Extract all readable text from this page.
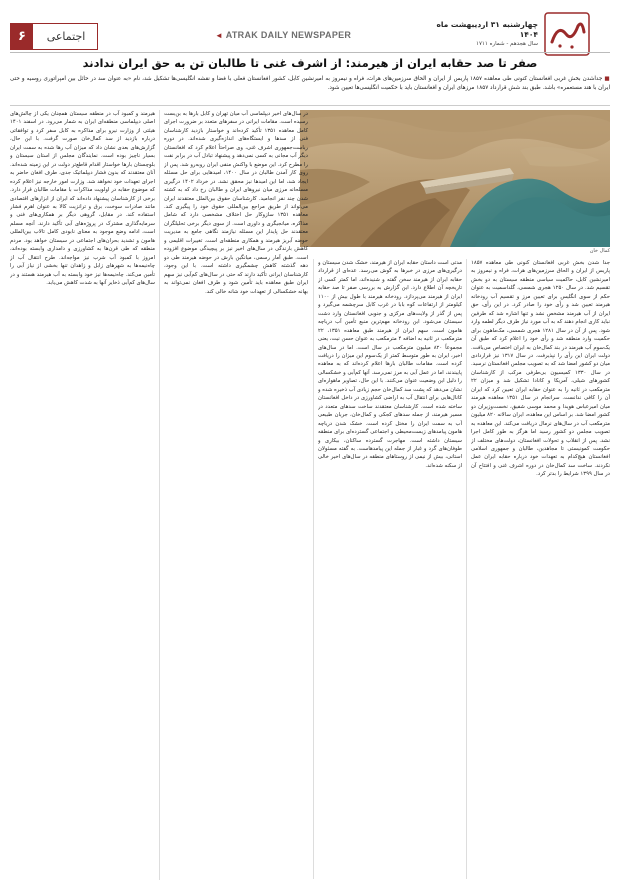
۶	اجتماعی	◄ ATRAK DAILY NEWSPAPER
چهارشنبه ۳۱ اردیبهشت ماه ۱۴۰۴
سال هجدهم - شماره ۱۷۱۱
صفر تا صد حقابه ایران از هیرمند: از اشرف غنی تا طالبان تن به حق ایران ندادند
■ جداشدن بخش غربی افغانستان کنونی طی معاهده ۱۸۵۷ پاریس از ایران و الحاق سرزمین‌های هرات، فراه و نیمروز به امیرنشین کابل، کشور افغانستان فعلی با فضا و نقشه انگلیسی‌ها تشکیل شد، نام «به عنوان سد در حائل بین امپراتوری روسیه و حتی ایران با هند مستعمره» باشد. طبق بند شش قرارداد ۱۸۵۷ مرزهای ایران و افغانستان باید با حکمیت انگلیسی‌ها تعیین شود.
کمال خان

جدا شدن بخش غربی افغانستان کنونی طی معاهده ۱۸۵۷ پاریس از ایران و الحاق سرزمین‌های هرات، فراه و نیمروز به امیرنشین کابل، حاکمیت سیاسی منطقه سیستان به دو بخش تقسیم شد. در سال ۱۲۵۰ هجری شمسی، گلداسمیت به عنوان حکم از سوی انگلیس برای تعیین مرز و تقسیم آب رودخانه هیرمند تعیین شد و رأی خود را صادر کرد. در این رأی، حق ایران از آب هیرمند مشخص نشد و تنها اشاره شد که طرفین نباید کاری انجام دهند که به آب مورد نیاز طرف دیگر لطمه وارد شود. پس از آن در سال ۱۲۸۱ هجری شمسی، مک‌ماهون برای حکمیت وارد منطقه شد و رأی خود را اعلام کرد که طبق آن یک‌سوم آب هیرمند در بند کمال‌خان به ایران اختصاص می‌یافت. دولت ایران این رأی را نپذیرفت. در سال ۱۳۱۷ نیز قراردادی میان دو کشور امضا شد که به تصویب مجلس افغانستان نرسید. در سال ۱۳۳۰ کمیسیون بی‌طرفی مرکب از کارشناسان کشورهای شیلی، آمریکا و کانادا تشکیل شد و میزان ۲۲ مترمکعب در ثانیه را به عنوان حقابه ایران تعیین کرد که ایران آن را کافی ندانست. سرانجام در سال ۱۳۵۱ معاهده هیرمند میان امیرعباس هویدا و محمد موسی شفیق، نخست‌وزیران دو کشور امضا شد. بر اساس این معاهده، ایران سالانه ۸۲۰ میلیون مترمکعب آب در سال‌های نرمال دریافت می‌کند. این معاهده به تصویب مجلس دو کشور رسید اما هرگز به طور کامل اجرا نشد. پس از انقلاب و تحولات افغانستان، دولت‌های مختلف از حکومت کمونیستی تا مجاهدین، طالبان و جمهوری اسلامی افغانستان هیچ‌کدام به تعهدات خود درباره حقابه ایران عمل نکردند. ساخت سد کمال‌خان در دوره اشرف غنی و افتتاح آن در سال ۱۳۹۹ شرایط را بدتر کرد.

مدتی است داستان حقابه ایران از هیرمند، خشک شدن سیستان و درگیری‌های مرزی در خبرها به گوش می‌رسد. عده‌ای از قرارداد حقابه ایران از هیرمند سخن گفته و شنیده‌اند، اما کمتر کسی از تاریخچه آن اطلاع دارد. این گزارش به بررسی صفر تا صد حقابه ایران از هیرمند می‌پردازد. رودخانه هیرمند با طول بیش از ۱۱۰۰ کیلومتر از ارتفاعات کوه بابا در غرب کابل سرچشمه می‌گیرد و پس از گذر از ولایت‌های مرکزی و جنوبی افغانستان وارد دشت سیستان می‌شود. این رودخانه مهم‌ترین منبع تأمین آب دریاچه هامون است. سهم ایران از هیرمند طبق معاهده ۱۳۵۱، ۲۲ مترمکعب در ثانیه به اضافه ۴ مترمکعب به عنوان حسن نیت، یعنی مجموعاً ۸۲۰ میلیون مترمکعب در سال است. اما در سال‌های اخیر، ایران به طور متوسط کمتر از یک‌سوم این میزان را دریافت کرده است. مقامات طالبان بارها اعلام کرده‌اند که به معاهده پایبندند، اما در عمل آبی به مرز نمی‌رسد. آنها کم‌آبی و خشکسالی را دلیل این وضعیت عنوان می‌کنند. با این حال، تصاویر ماهواره‌ای نشان می‌دهد که پشت سد کمال‌خان حجم زیادی آب ذخیره شده و کانال‌هایی برای انتقال آب به اراضی کشاورزی در داخل افغانستان ساخته شده است. کارشناسان معتقدند ساخت سدهای متعدد در مسیر هیرمند، از جمله سدهای کجکی و کمال‌خان، جریان طبیعی آب به سمت ایران را مختل کرده است. خشک شدن دریاچه هامون پیامدهای زیست‌محیطی و اجتماعی گسترده‌ای برای منطقه سیستان داشته است. مهاجرت گسترده ساکنان، بیکاری و طوفان‌های گرد و غبار از جمله این پیامدهاست. به گفته مسئولان استانی، بیش از نیمی از روستاهای منطقه در سال‌های اخیر خالی از سکنه شده‌اند.

در سال‌های اخیر دیپلماسی آب میان تهران و کابل بارها به بن‌بست رسیده است. مقامات ایرانی در سفرهای متعدد بر ضرورت اجرای کامل معاهده ۱۳۵۱ تأکید کرده‌اند و خواستار بازدید کارشناسان فنی از سدها و ایستگاه‌های اندازه‌گیری شده‌اند. در دوره ریاست‌جمهوری اشرف غنی، وی صراحتاً اعلام کرد که افغانستان دیگر آب مجانی به کسی نمی‌دهد و پیشنهاد تبادل آب در برابر نفت را مطرح کرد. این موضع با واکنش منفی ایران روبه‌رو شد. پس از روی کار آمدن طالبان در سال ۱۴۰۰، امیدهایی برای حل مسئله ایجاد شد، اما این امیدها نیز محقق نشد. در خرداد ۱۴۰۲ درگیری مسلحانه مرزی میان نیروهای ایران و طالبان رخ داد که به کشته شدن چند نفر انجامید. کارشناسان حقوق بین‌الملل معتقدند ایران می‌تواند از طریق مراجع بین‌المللی حقوق خود را پیگیری کند. معاهده ۱۳۵۱ سازوکار حل اختلاف مشخصی دارد که شامل مذاکره، میانجیگری و داوری است. از سوی دیگر برخی تحلیلگران معتقدند حل پایدار این مسئله نیازمند نگاهی جامع به مدیریت حوضه آبریز هیرمند و همکاری منطقه‌ای است. تغییرات اقلیمی و کاهش بارندگی در سال‌های اخیر نیز بر پیچیدگی موضوع افزوده است. طبق آمار رسمی، میانگین بارش در حوضه هیرمند طی دو دهه گذشته کاهش چشمگیری داشته است. با این وجود، کارشناسان ایرانی تأکید دارند که حتی در سال‌های کم‌آبی نیز سهم ایران طبق معاهده باید تأمین شود و طرف افغان نمی‌تواند به بهانه خشکسالی از تعهدات خود شانه خالی کند.

هیرمند و کمبود آب در منطقه سیستان همچنان یکی از چالش‌های اصلی دیپلماسی منطقه‌ای ایران به شمار می‌رود. در اسفند ۱۴۰۱ هیئتی از وزارت نیرو برای مذاکره به کابل سفر کرد و توافقاتی درباره بازدید از سد کمال‌خان صورت گرفت. با این حال، گزارش‌های بعدی نشان داد که میزان آب رها شده به سمت ایران بسیار ناچیز بوده است. نمایندگان مجلس از استان سیستان و بلوچستان بارها خواستار اقدام قاطع‌تر دولت در این زمینه شده‌اند. آنان معتقدند که بدون فشار دیپلماتیک جدی، طرف افغان حاضر به اجرای تعهدات خود نخواهد شد. وزارت امور خارجه نیز اعلام کرده که موضوع حقابه در اولویت مذاکرات با مقامات طالبان قرار دارد. برخی از کارشناسان پیشنهاد داده‌اند که ایران از ابزارهای اقتصادی مانند صادرات سوخت، برق و ترانزیت کالا به عنوان اهرم فشار استفاده کند. در مقابل، گروهی دیگر بر همکاری‌های فنی و سرمایه‌گذاری مشترک در پروژه‌های آبی تأکید دارند. آنچه مسلم است، ادامه وضع موجود به معنای نابودی کامل تالاب بین‌المللی هامون و تشدید بحران‌های اجتماعی در سیستان خواهد بود. مردم منطقه که طی قرن‌ها به کشاورزی و دامداری وابسته بوده‌اند، امروز با کمبود آب شرب نیز مواجه‌اند. طرح انتقال آب از چاه‌نیمه‌ها به شهرهای زابل و زاهدان تنها بخشی از نیاز آبی را تأمین می‌کند. چاه‌نیمه‌ها نیز خود وابسته به آب هیرمند هستند و در سال‌های کم‌آبی ذخایر آنها به شدت کاهش می‌یابد.
